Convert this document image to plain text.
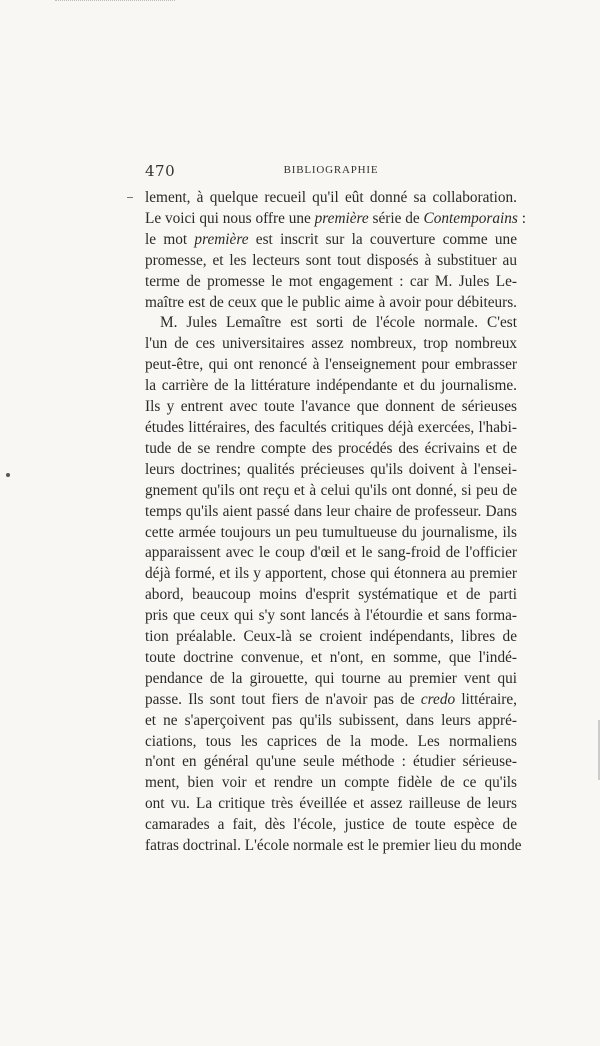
470	BIBLIOGRAPHIE
lement, à quelque recueil qu'il eût donné sa collaboration.
Le voici qui nous offre une première série de Contemporains :
le mot première est inscrit sur la couverture comme une
promesse, et les lecteurs sont tout disposés à substituer au
terme de promesse le mot engagement : car M. Jules Le-
maître est de ceux que le public aime à avoir pour débiteurs.
M. Jules Lemaître est sorti de l'école normale. C'est
l'un de ces universitaires assez nombreux, trop nombreux
peut-être, qui ont renoncé à l'enseignement pour embrasser
la carrière de la littérature indépendante et du journalisme.
Ils y entrent avec toute l'avance que donnent de sérieuses
études littéraires, des facultés critiques déjà exercées, l'habi-
tude de se rendre compte des procédés des écrivains et de
leurs doctrines; qualités précieuses qu'ils doivent à l'ensei-
gnement qu'ils ont reçu et à celui qu'ils ont donné, si peu de
temps qu'ils aient passé dans leur chaire de professeur. Dans
cette armée toujours un peu tumultueuse du journalisme, ils
apparaissent avec le coup d'œil et le sang-froid de l'officier
déjà formé, et ils y apportent, chose qui étonnera au premier
abord, beaucoup moins d'esprit systématique et de parti
pris que ceux qui s'y sont lancés à l'étourdie et sans forma-
tion préalable. Ceux-là se croient indépendants, libres de
toute doctrine convenue, et n'ont, en somme, que l'indé-
pendance de la girouette, qui tourne au premier vent qui
passe. Ils sont tout fiers de n'avoir pas de credo littéraire,
et ne s'aperçoivent pas qu'ils subissent, dans leurs appré-
ciations, tous les caprices de la mode. Les normaliens
n'ont en général qu'une seule méthode : étudier sérieuse-
ment, bien voir et rendre un compte fidèle de ce qu'ils
ont vu. La critique très éveillée et assez railleuse de leurs
camarades a fait, dès l'école, justice de toute espèce de
fatras doctrinal. L'école normale est le premier lieu du monde
